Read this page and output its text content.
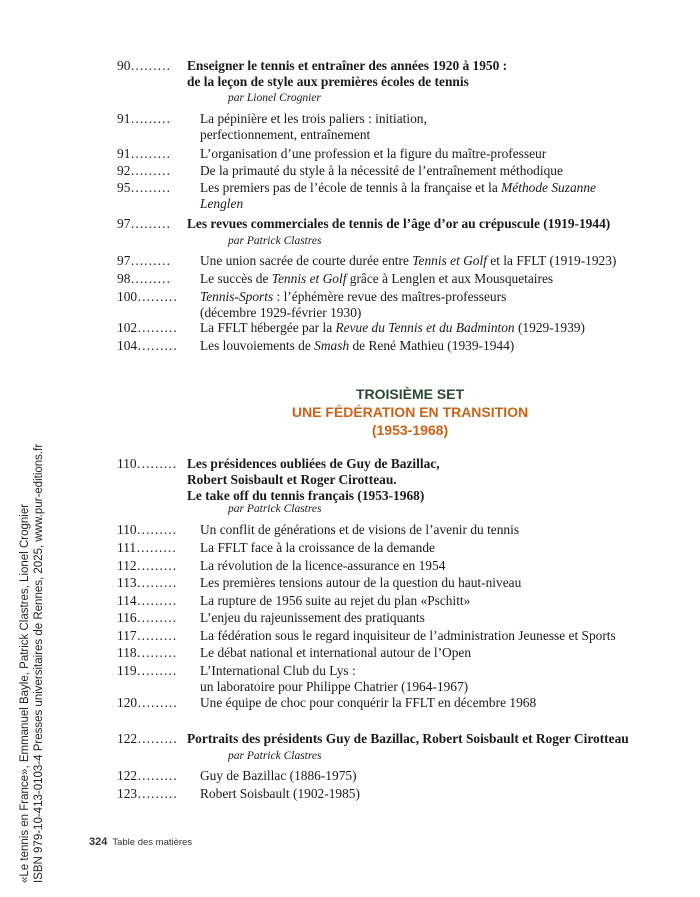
90………	Enseigner le tennis et entraîner des années 1920 à 1950 :
de la leçon de style aux premières écoles de tennis
par Lionel Crognier
91………	La pépinière et les trois paliers : initiation,
perfectionnement, entraînement
91………	L’organisation d’une profession et la figure du maître-professeur
92………	De la primauté du style à la nécessité de l’entraînement méthodique
95………	Les premiers pas de l’école de tennis à la française et la Méthode Suzanne Lenglen
97………	Les revues commerciales de tennis de l’âge d’or au crépuscule (1919-1944)
par Patrick Clastres
97………	Une union sacrée de courte durée entre Tennis et Golf et la FFLT (1919-1923)
98………	Le succès de Tennis et Golf grâce à Lenglen et aux Mousquetaires
100……… Tennis-Sports : l’éphémère revue des maîtres-professeurs
(décembre 1929-février 1930)
102……… La FFLT hébergée par la Revue du Tennis et du Badminton (1929-1939)
104……… Les louvoiements de Smash de René Mathieu (1939-1944)
TROISIÈME SET
UNE FÉDÉRATION EN TRANSITION
(1953-1968)
110……… Les présidences oubliées de Guy de Bazillac,
Robert Soisbault et Roger Cirotteau.
Le take off du tennis français (1953-1968)
par Patrick Clastres
110………	Un conflit de générations et de visions de l’avenir du tennis
111………	La FFLT face à la croissance de la demande
112………	La révolution de la licence-assurance en 1954
113………	Les premières tensions autour de la question du haut-niveau
114………	La rupture de 1956 suite au rejet du plan «Pschitt»
116………	L’enjeu du rajeunissement des pratiquants
117………	La fédération sous le regard inquisiteur de l’administration Jeunesse et Sports
118………	Le débat national et international autour de l’Open
119………	L’International Club du Lys :
un laboratoire pour Philippe Chatrier (1964-1967)
120……… Une équipe de choc pour conquérir la FFLT en décembre 1968
122……… Portraits des présidents Guy de Bazillac, Robert Soisbault et Roger Cirotteau
par Patrick Clastres
122……… Guy de Bazillac (1886-1975)
123……… Robert Soisbault (1902-1985)
324 Table des matières
«Le tennis en France», Emmanuel Bayle, Patrick Clastres, Lionel Crognier ISBN 979-10-413-0103-4 Presses universitaires de Rennes, 2025, www.pur-editions.fr
